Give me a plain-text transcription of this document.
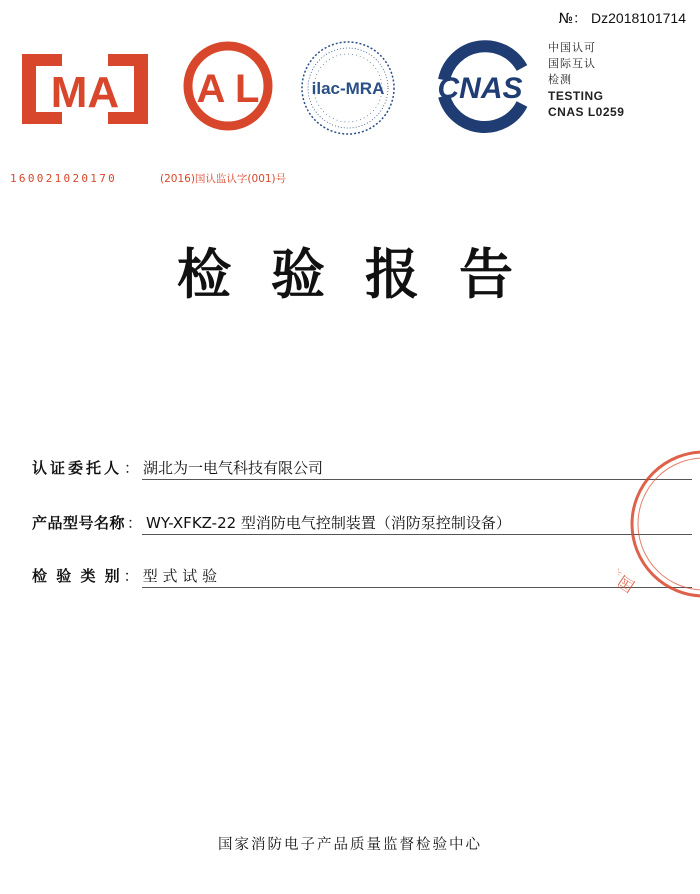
№： Dz2018101714
MA
160021020170
A L
(2016)国认监认字(001)号
ilac-MRA CNAS
中国认可
国际互认
检测
TESTING
CNAS L0259
检验报告
认证委托人 ： 湖北为一电气科技有限公司
产品型号名称 ： WY-XFKZ-22 型消防电气控制装置（消防泵控制设备）
检 验 类 别 ： 型 式 试 验
国家消防电子产品质量监督检验中心
